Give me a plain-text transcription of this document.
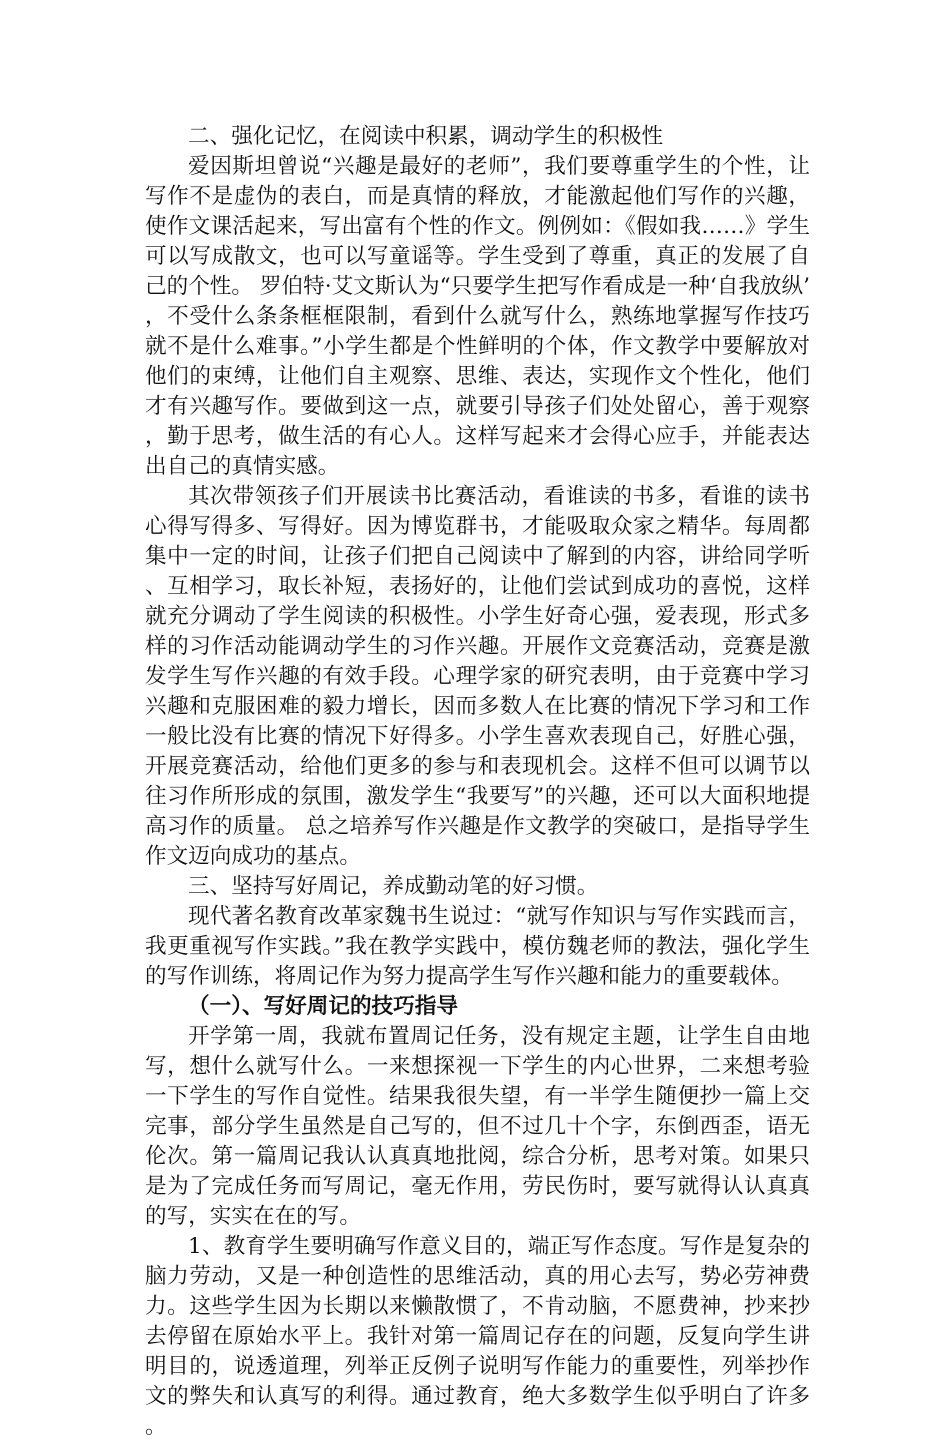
二、强化记忆，在阅读中积累，调动学生的积极性

爱因斯坦曾说“兴趣是最好的老师”，我们要尊重学生的个性，让写作不是虚伪的表白，而是真情的释放，才能激起他们写作的兴趣，使作文课活起来，写出富有个性的作文。例例如：《假如我……》学生可以写成散文，也可以写童谣等。学生受到了尊重，真正的发展了自己的个性。 罗伯特·艾文斯认为“只要学生把写作看成是一种‘自我放纵’，不受什么条条框框限制，看到什么就写什么，熟练地掌握写作技巧就不是什么难事。”小学生都是个性鲜明的个体，作文教学中要解放对他们的束缚，让他们自主观察、思维、表达，实现作文个性化，他们才有兴趣写作。要做到这一点，就要引导孩子们处处留心，善于观察，勤于思考，做生活的有心人。这样写起来才会得心应手，并能表达出自己的真情实感。

其次带领孩子们开展读书比赛活动，看谁读的书多，看谁的读书心得写得多、写得好。因为博览群书，才能吸取众家之精华。每周都集中一定的时间，让孩子们把自己阅读中了解到的内容，讲给同学听、互相学习，取长补短，表扬好的，让他们尝试到成功的喜悦，这样就充分调动了学生阅读的积极性。小学生好奇心强，爱表现，形式多样的习作活动能调动学生的习作兴趣。开展作文竞赛活动，竞赛是激发学生写作兴趣的有效手段。心理学家的研究表明，由于竞赛中学习兴趣和克服困难的毅力增长，因而多数人在比赛的情况下学习和工作一般比没有比赛的情况下好得多。小学生喜欢表现自己，好胜心强，开展竞赛活动，给他们更多的参与和表现机会。这样不但可以调节以往习作所形成的氛围，激发学生“我要写”的兴趣，还可以大面积地提高习作的质量。 总之培养写作兴趣是作文教学的突破口，是指导学生作文迈向成功的基点。

三、坚持写好周记，养成勤动笔的好习惯。

现代著名教育改革家魏书生说过：“就写作知识与写作实践而言，我更重视写作实践。”我在教学实践中，模仿魏老师的教法，强化学生的写作训练，将周记作为努力提高学生写作兴趣和能力的重要载体。

（一）、写好周记的技巧指导

开学第一周，我就布置周记任务，没有规定主题，让学生自由地写，想什么就写什么。一来想探视一下学生的内心世界，二来想考验一下学生的写作自觉性。结果我很失望，有一半学生随便抄一篇上交完事，部分学生虽然是自己写的，但不过几十个字，东倒西歪，语无伦次。第一篇周记我认认真真地批阅，综合分析，思考对策。如果只是为了完成任务而写周记，毫无作用，劳民伤时，要写就得认认真真的写，实实在在的写。

1、教育学生要明确写作意义目的，端正写作态度。写作是复杂的脑力劳动，又是一种创造性的思维活动，真的用心去写，势必劳神费力。这些学生因为长期以来懒散惯了，不肯动脑，不愿费神，抄来抄去停留在原始水平上。我针对第一篇周记存在的问题，反复向学生讲明目的，说透道理，列举正反例子说明写作能力的重要性，列举抄作文的弊失和认真写的利得。通过教育，绝大多数学生似乎明白了许多。
